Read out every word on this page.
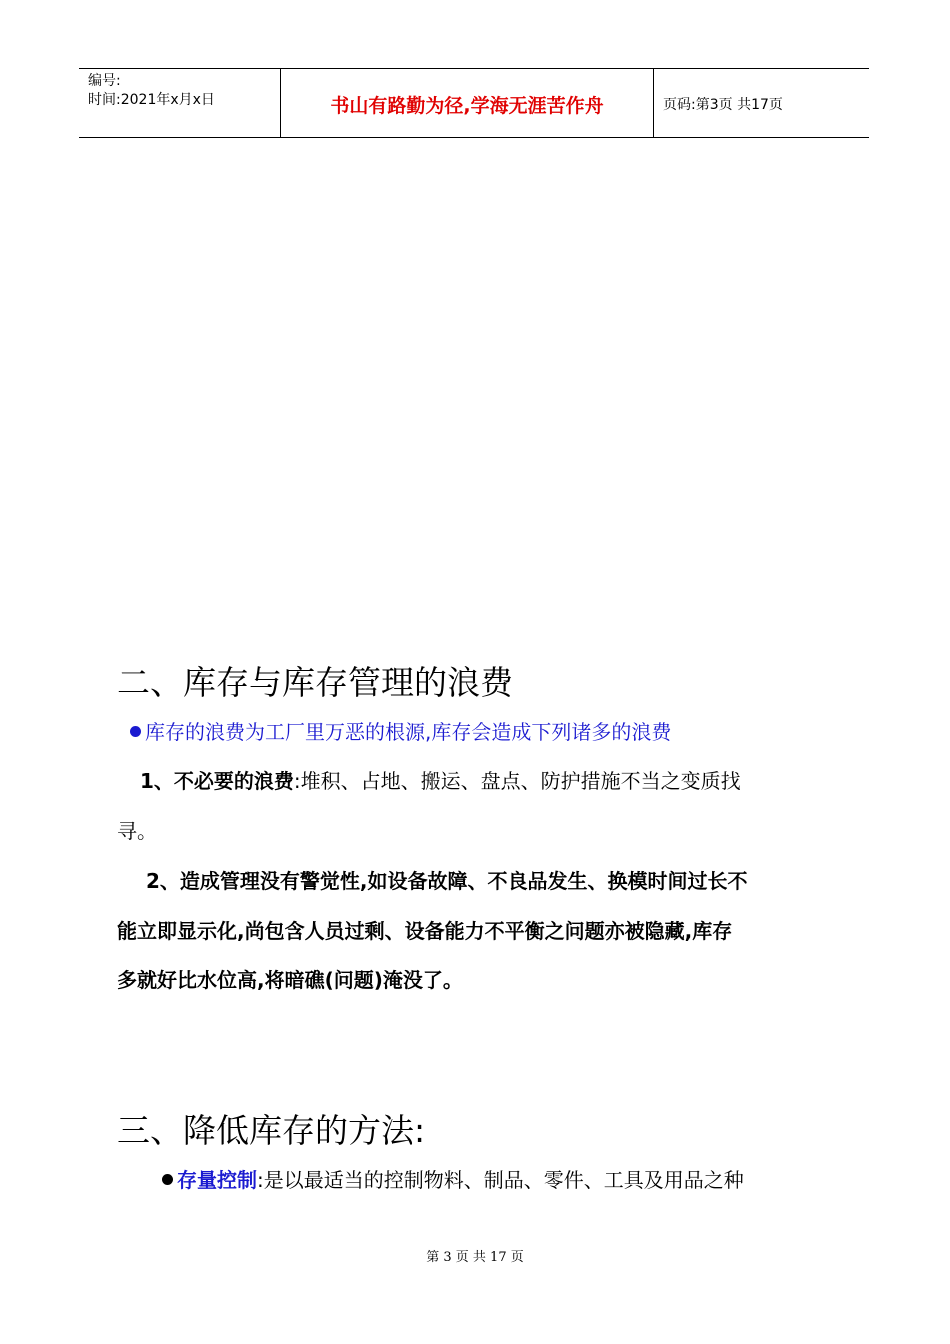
编号:
时间:2021年x月x日	书山有路勤为径,学海无涯苦作舟	页码:第3页 共17页
二、库存与库存管理的浪费
库存的浪费为工厂里万恶的根源,库存会造成下列诸多的浪费
1、不必要的浪费:堆积、占地、搬运、盘点、防护措施不当之变质找
寻。
2、造成管理没有警觉性,如设备故障、不良品发生、换模时间过长不
能立即显示化,尚包含人员过剩、设备能力不平衡之问题亦被隐藏,库存
多就好比水位高,将暗礁(问题)淹没了。
三、降低库存的方法:
存量控制:是以最适当的控制物料、制品、零件、工具及用品之种
第 3 页 共 17 页
